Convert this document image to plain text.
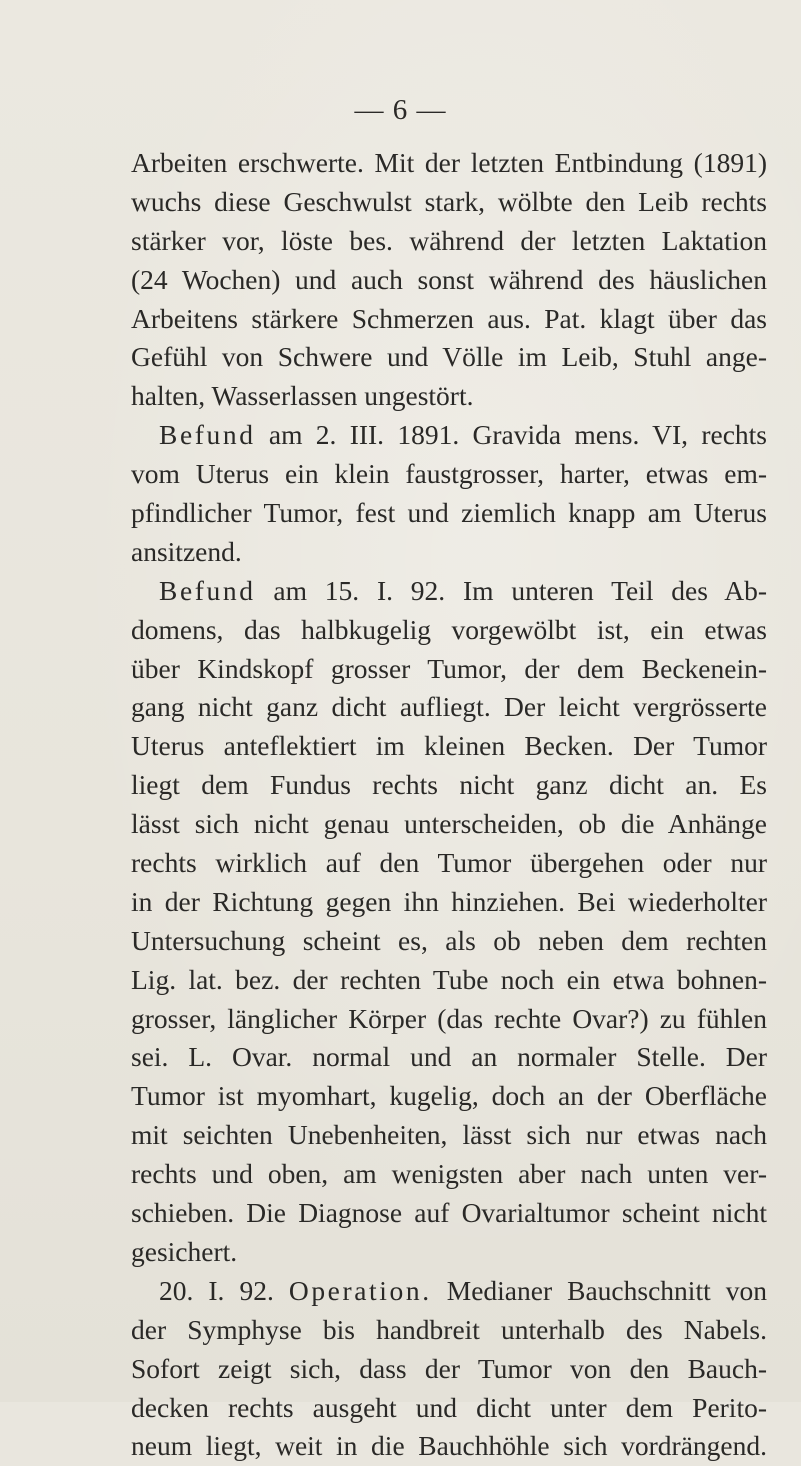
— 6 —
Arbeiten erschwerte. Mit der letzten Entbindung (1891)
wuchs diese Geschwulst stark, wölbte den Leib rechts
stärker vor, löste bes. während der letzten Laktation
(24 Wochen) und auch sonst während des häuslichen
Arbeitens stärkere Schmerzen aus. Pat. klagt über das
Gefühl von Schwere und Völle im Leib, Stuhl ange-
halten, Wasserlassen ungestört.
Befund am 2. III. 1891. Gravida mens. VI, rechts
vom Uterus ein klein faustgrosser, harter, etwas em-
pfindlicher Tumor, fest und ziemlich knapp am Uterus
ansitzend.
Befund am 15. I. 92. Im unteren Teil des Ab-
domens, das halbkugelig vorgewölbt ist, ein etwas
über Kindskopf grosser Tumor, der dem Beckenein-
gang nicht ganz dicht aufliegt. Der leicht vergrösserte
Uterus anteflektiert im kleinen Becken. Der Tumor
liegt dem Fundus rechts nicht ganz dicht an. Es
lässt sich nicht genau unterscheiden, ob die Anhänge
rechts wirklich auf den Tumor übergehen oder nur
in der Richtung gegen ihn hinziehen. Bei wiederholter
Untersuchung scheint es, als ob neben dem rechten
Lig. lat. bez. der rechten Tube noch ein etwa bohnen-
grosser, länglicher Körper (das rechte Ovar?) zu fühlen
sei. L. Ovar. normal und an normaler Stelle. Der
Tumor ist myomhart, kugelig, doch an der Oberfläche
mit seichten Unebenheiten, lässt sich nur etwas nach
rechts und oben, am wenigsten aber nach unten ver-
schieben. Die Diagnose auf Ovarialtumor scheint nicht
gesichert.
20. I. 92. Operation. Medianer Bauchschnitt von
der Symphyse bis handbreit unterhalb des Nabels.
Sofort zeigt sich, dass der Tumor von den Bauch-
decken rechts ausgeht und dicht unter dem Perito-
neum liegt, weit in die Bauchhöhle sich vordrängend.
